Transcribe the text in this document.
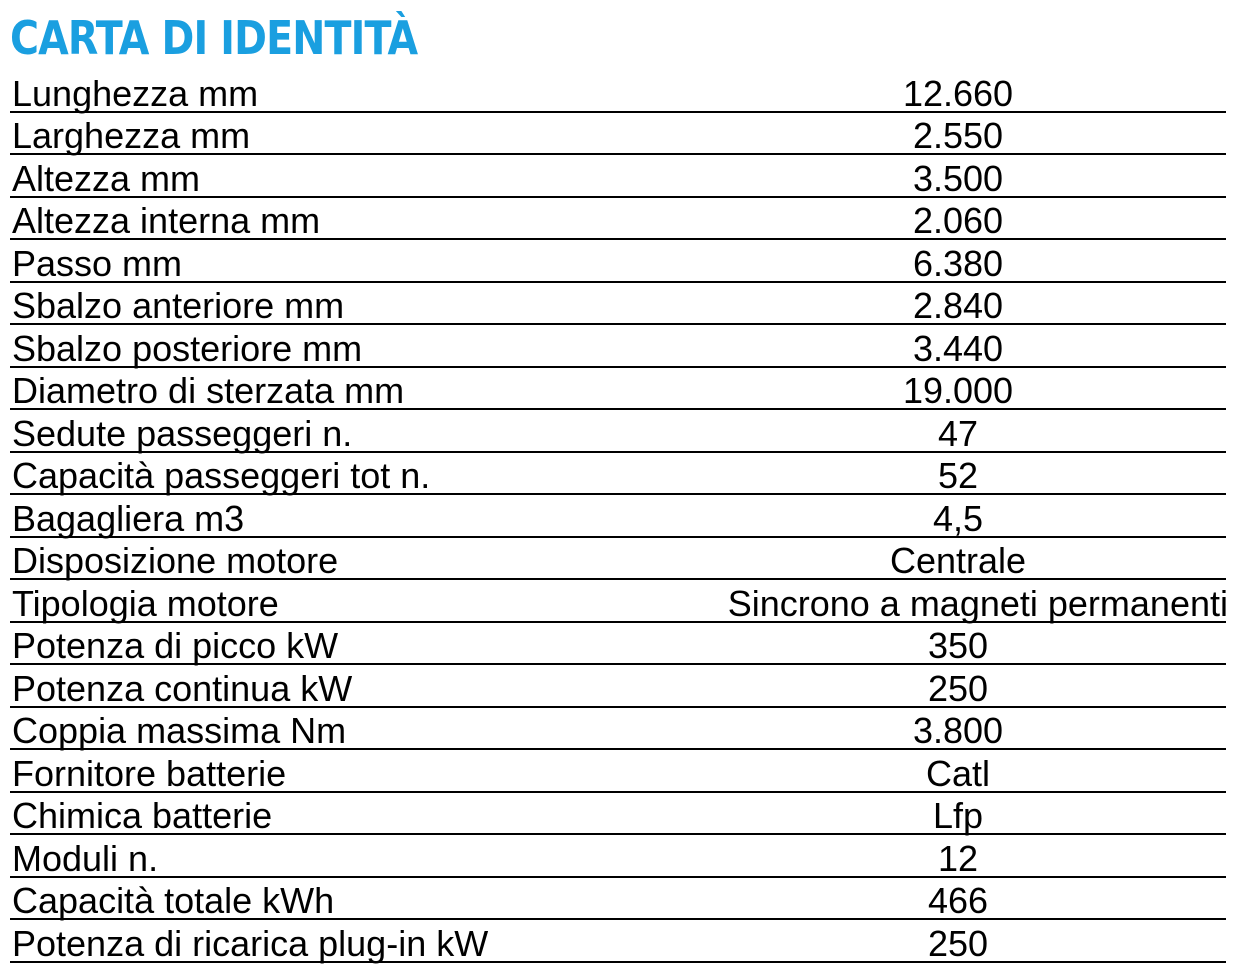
CARTA DI IDENTITÀ
Lunghezza mm	12.660
Larghezza mm	2.550
Altezza mm	3.500
Altezza interna mm	2.060
Passo mm	6.380
Sbalzo anteriore mm	2.840
Sbalzo posteriore mm	3.440
Diametro di sterzata mm	19.000
Sedute passeggeri n.	47
Capacità passeggeri tot n.	52
Bagagliera m3	4,5
Disposizione motore	Centrale
Tipologia motore	Sincrono a magneti permanenti
Potenza di picco kW	350
Potenza continua kW	250
Coppia massima Nm	3.800
Fornitore batterie	Catl
Chimica batterie	Lfp
Moduli n.	12
Capacità totale kWh	466
Potenza di ricarica plug-in kW	250
